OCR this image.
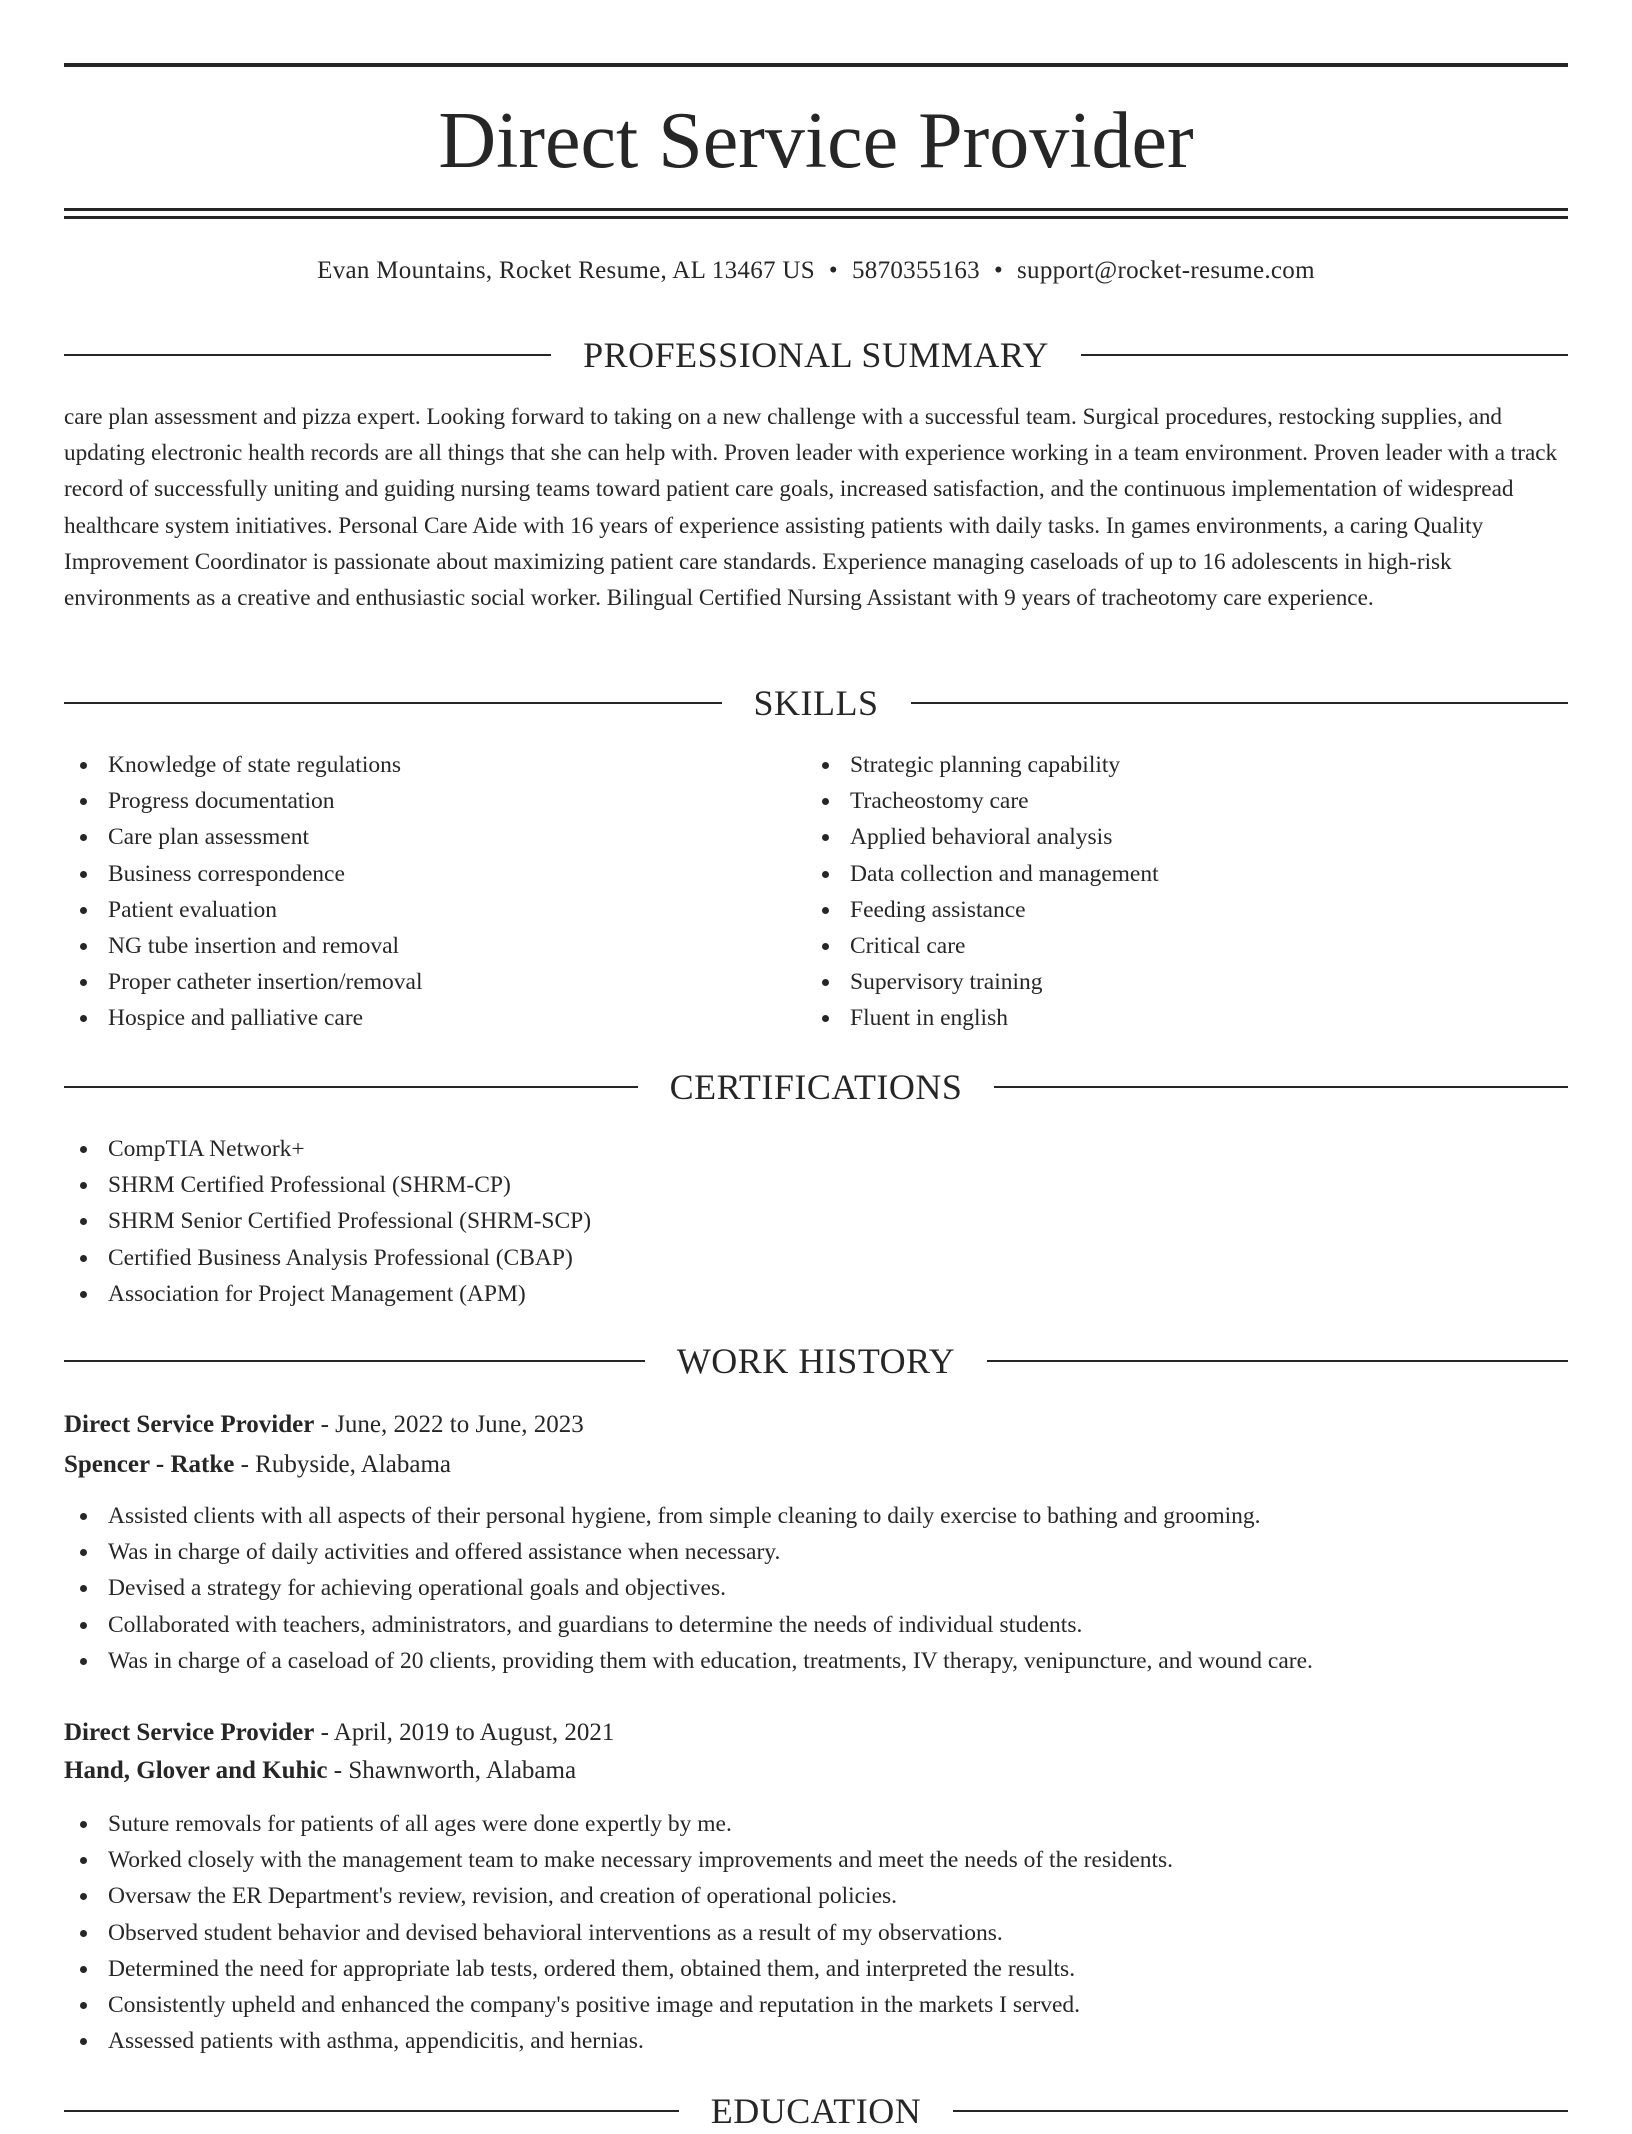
Direct Service Provider
Evan Mountains, Rocket Resume, AL 13467 US • 5870355163 • support@rocket-resume.com
PROFESSIONAL SUMMARY

care plan assessment and pizza expert. Looking forward to taking on a new challenge with a successful team. Surgical procedures, restocking supplies, and updating electronic health records are all things that she can help with. Proven leader with experience working in a team environment. Proven leader with a track record of successfully uniting and guiding nursing teams toward patient care goals, increased satisfaction, and the continuous implementation of widespread healthcare system initiatives. Personal Care Aide with 16 years of experience assisting patients with daily tasks. In games environments, a caring Quality Improvement Coordinator is passionate about maximizing patient care standards. Experience managing caseloads of up to 16 adolescents in high-risk environments as a creative and enthusiastic social worker. Bilingual Certified Nursing Assistant with 9 years of tracheotomy care experience.

SKILLS
Knowledge of state regulations
Progress documentation
Care plan assessment
Business correspondence
Patient evaluation
NG tube insertion and removal
Proper catheter insertion/removal
Hospice and palliative care
Strategic planning capability
Tracheostomy care
Applied behavioral analysis
Data collection and management
Feeding assistance
Critical care
Supervisory training
Fluent in english
CERTIFICATIONS
CompTIA Network+
SHRM Certified Professional (SHRM-CP)
SHRM Senior Certified Professional (SHRM-SCP)
Certified Business Analysis Professional (CBAP)
Association for Project Management (APM)
WORK HISTORY
Direct Service Provider - June, 2022 to June, 2023
Spencer - Ratke - Rubyside, Alabama
Assisted clients with all aspects of their personal hygiene, from simple cleaning to daily exercise to bathing and grooming.
Was in charge of daily activities and offered assistance when necessary.
Devised a strategy for achieving operational goals and objectives.
Collaborated with teachers, administrators, and guardians to determine the needs of individual students.
Was in charge of a caseload of 20 clients, providing them with education, treatments, IV therapy, venipuncture, and wound care.
Direct Service Provider - April, 2019 to August, 2021
Hand, Glover and Kuhic - Shawnworth, Alabama
Suture removals for patients of all ages were done expertly by me.
Worked closely with the management team to make necessary improvements and meet the needs of the residents.
Oversaw the ER Department's review, revision, and creation of operational policies.
Observed student behavior and devised behavioral interventions as a result of my observations.
Determined the need for appropriate lab tests, ordered them, obtained them, and interpreted the results.
Consistently upheld and enhanced the company's positive image and reputation in the markets I served.
Assessed patients with asthma, appendicitis, and hernias.
EDUCATION
